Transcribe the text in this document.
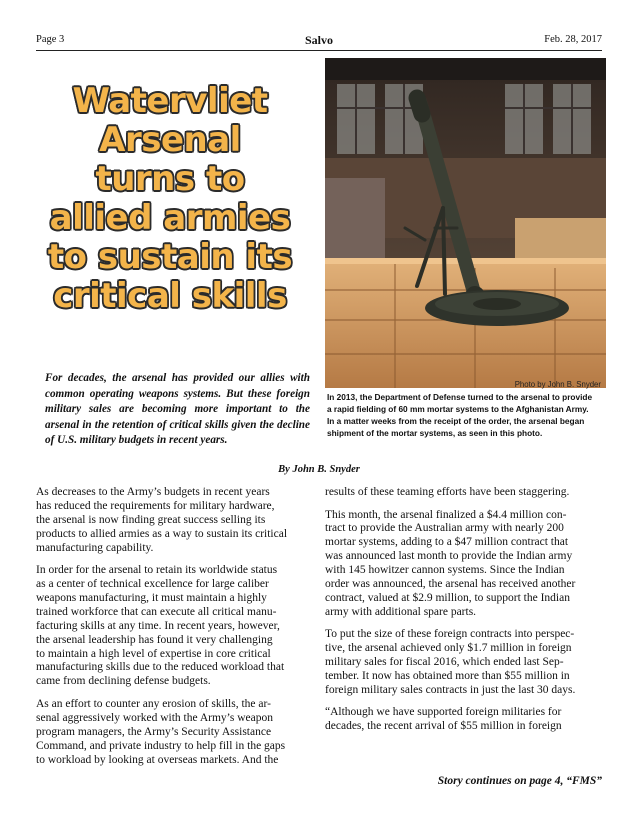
Page 3	Salvo	Feb. 28, 2017
Watervliet
Arsenal
turns to
allied armies
to sustain its
critical skills
For decades, the arsenal has provided our allies with common operating weapons systems. But these foreign military sales are becoming more important to the arsenal in the retention of critical skills given the decline of U.S. military budgets in recent years.
Photo by John B. Snyder
In 2013, the Department of Defense turned to the arsenal to provide
a rapid fielding of 60 mm mortar systems to the Afghanistan Army.
In a matter weeks from the receipt of the order, the arsenal began
shipment of the mortar systems, as seen in this photo.
By John B. Snyder

As decreases to the Army’s budgets in recent years
has reduced the requirements for military hardware,
the arsenal is now finding great success selling its
products to allied armies as a way to sustain its critical
manufacturing capability.

In order for the arsenal to retain its worldwide status
as a center of technical excellence for large caliber
weapons manufacturing, it must maintain a highly
trained workforce that can execute all critical manu-
facturing skills at any time. In recent years, however,
the arsenal leadership has found it very challenging
to maintain a high level of expertise in core critical
manufacturing skills due to the reduced workload that
came from declining defense budgets.

As an effort to counter any erosion of skills, the ar-
senal aggressively worked with the Army’s weapon
program managers, the Army’s Security Assistance
Command, and private industry to help fill in the gaps
to workload by looking at overseas markets. And the

results of these teaming efforts have been staggering.

This month, the arsenal finalized a $4.4 million con-
tract to provide the Australian army with nearly 200
mortar systems, adding to a $47 million contract that
was announced last month to provide the Indian army
with 145 howitzer cannon systems. Since the Indian
order was announced, the arsenal has received another
contract, valued at $2.9 million, to support the Indian
army with additional spare parts.

To put the size of these foreign contracts into perspec-
tive, the arsenal achieved only $1.7 million in foreign
military sales for fiscal 2016, which ended last Sep-
tember. It now has obtained more than $55 million in
foreign military sales contracts in just the last 30 days.

“Although we have supported foreign militaries for
decades, the recent arrival of $55 million in foreign

Story continues on page 4, “FMS”
